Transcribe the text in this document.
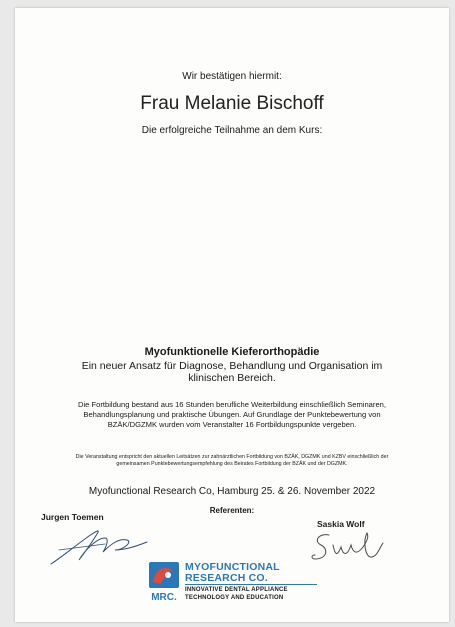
Wir bestätigen hiermit:
Frau Melanie Bischoff
Die erfolgreiche Teilnahme an dem Kurs:
Myofunktionelle Kieferorthopädie
Ein neuer Ansatz für Diagnose, Behandlung und Organisation im klinischen Bereich.
Die Fortbildung bestand aus 16 Stunden berufliche Weiterbildung einschließlich Seminaren, Behandlungsplanung und praktische Übungen. Auf Grundlage der Punktebewertung von BZÄK/DGZMK wurden vom Veranstalter 16 Fortbildungspunkte vergeben.
Die Veranstaltung entspricht den aktuellen Leitsätzen zur zahnärztlichen Fortbildung von BZÄK, DGZMK und KZBV einschließlich der gemeinsamen Punktebewertungsempfehlung des Beirates Fortbildung der BZÄK und der DGZMK.
Myofunctional Research Co, Hamburg 25. & 26. November 2022
Referenten:
Jurgen Toemen
Saskia Wolf
MRC.
MYOFUNCTIONAL
RESEARCH CO.
INNOVATIVE DENTAL APPLIANCE
TECHNOLOGY AND EDUCATION
